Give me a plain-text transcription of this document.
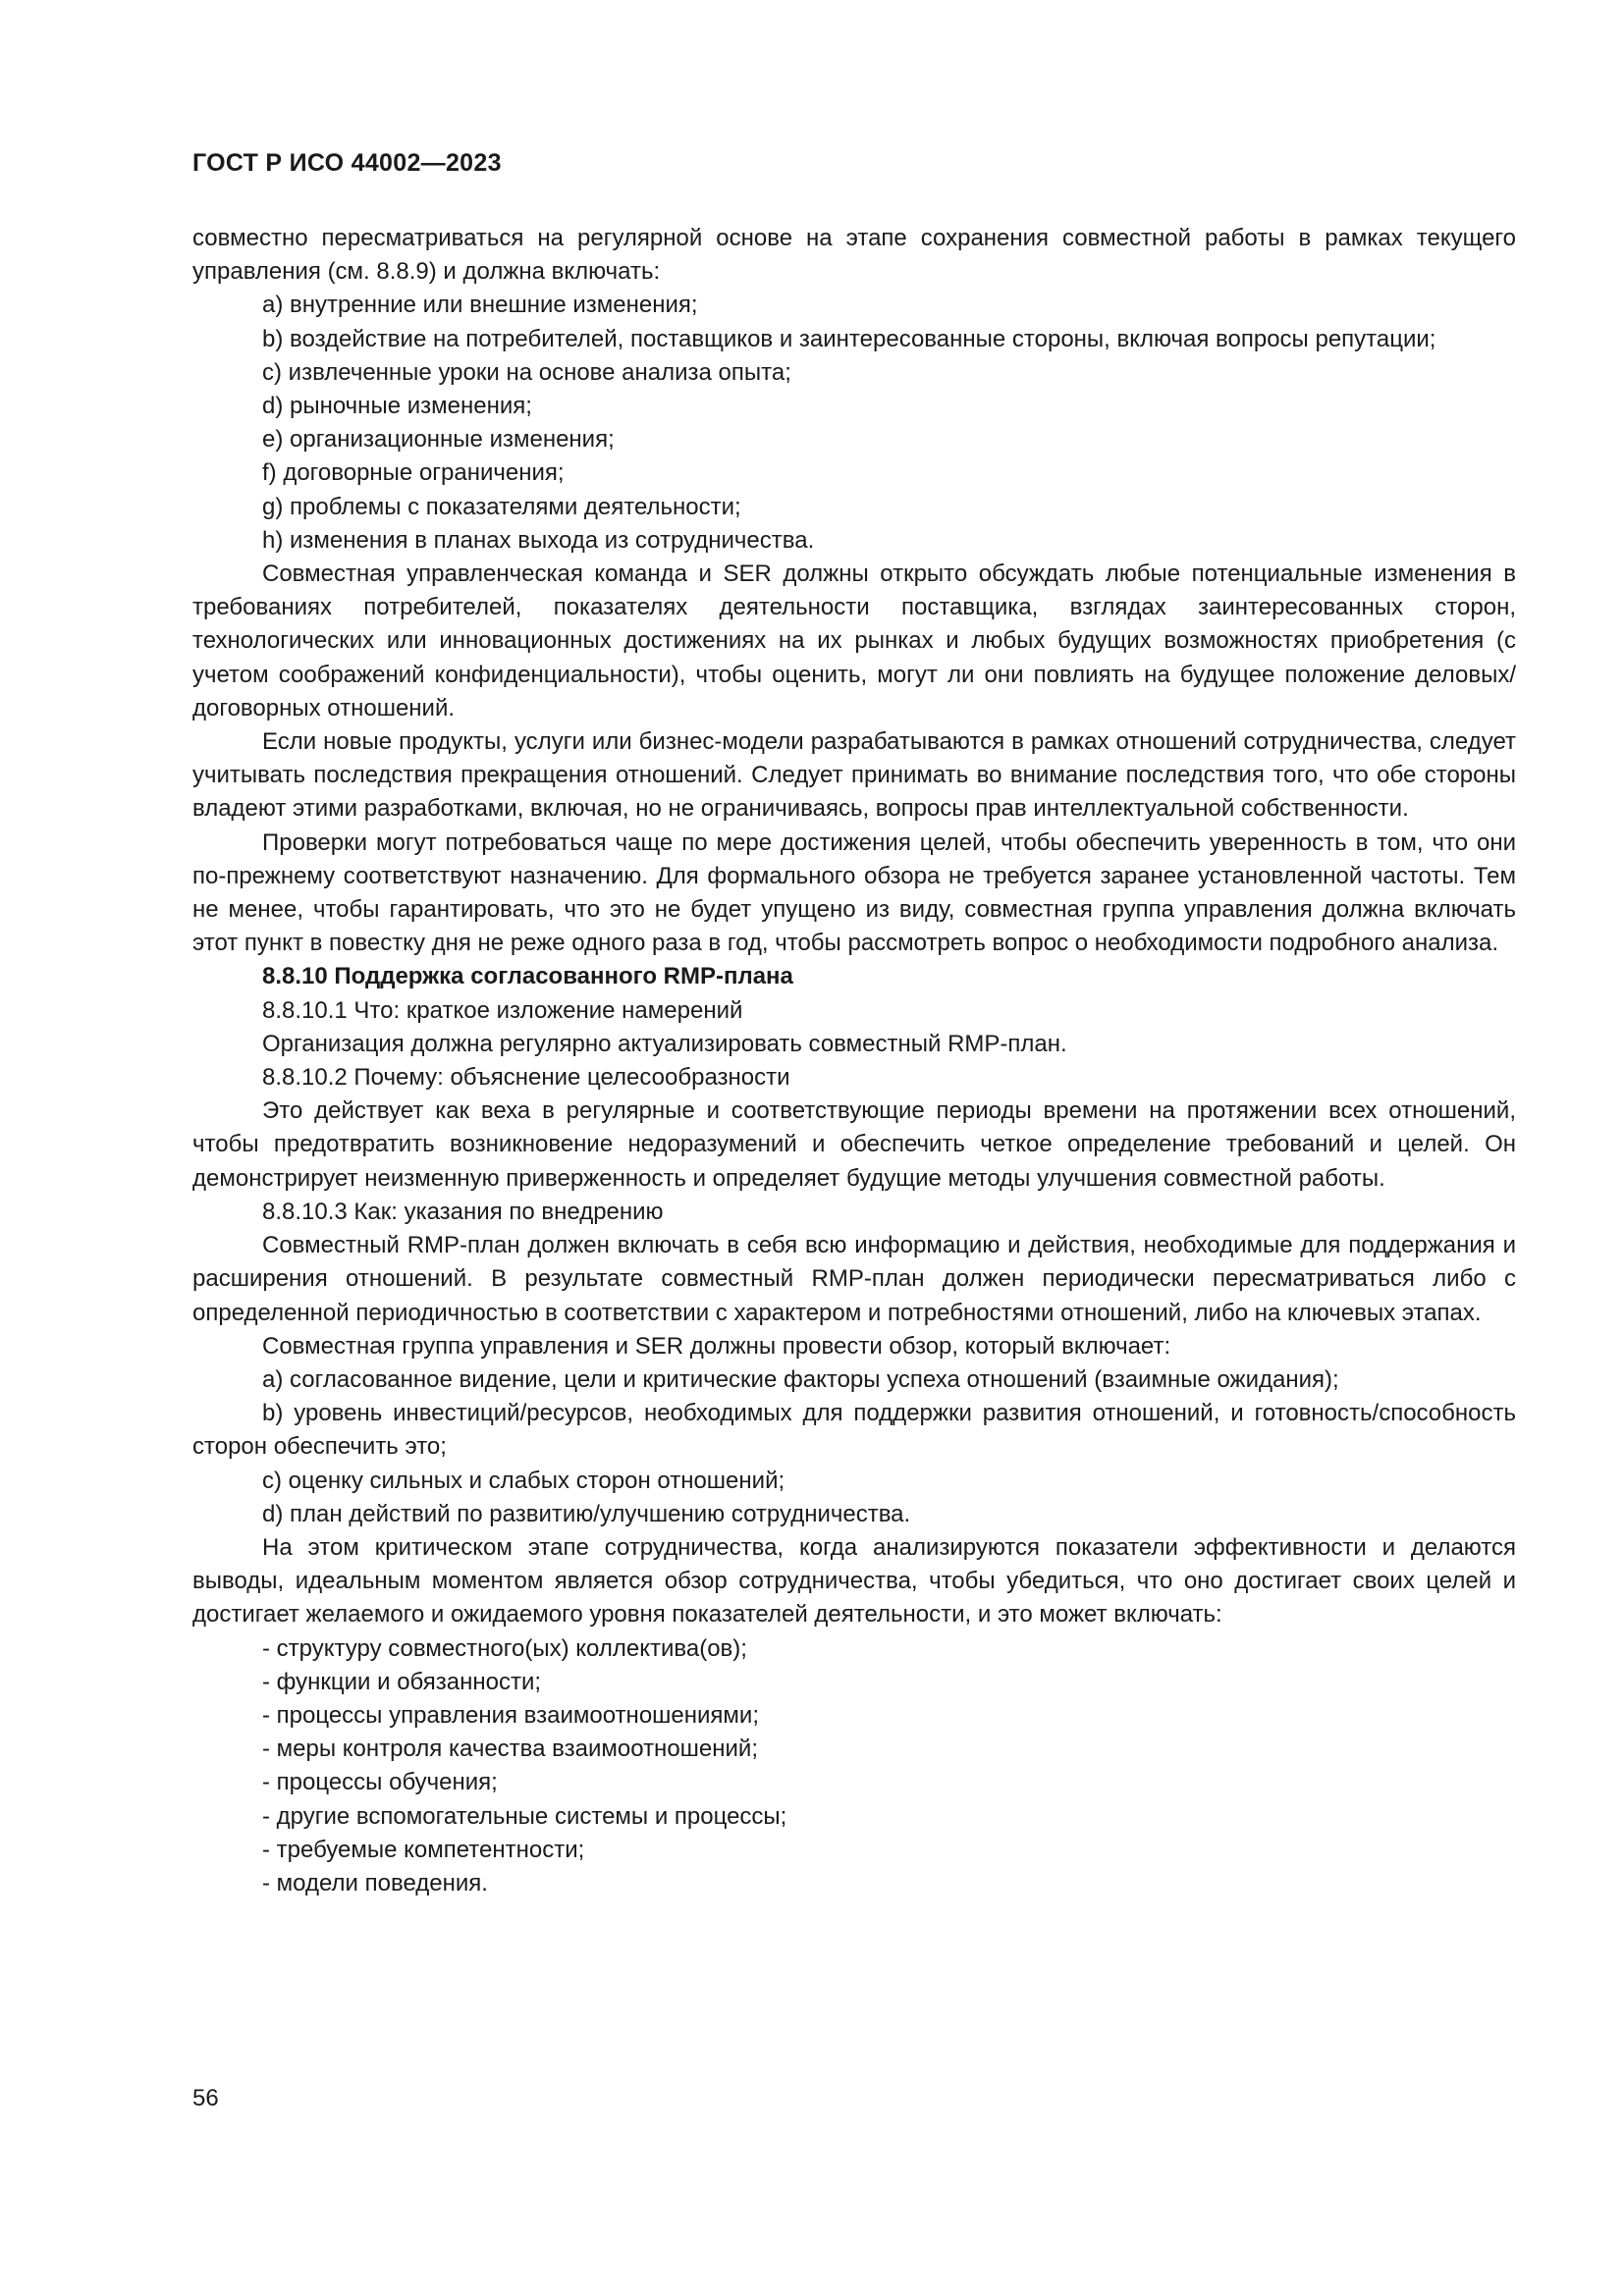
ГОСТ Р ИСО 44002—2023

совместно пересматриваться на регулярной основе на этапе сохранения совместной работы в рамках текущего управления (см. 8.8.9) и должна включать:

a) внутренние или внешние изменения;

b) воздействие на потребителей, поставщиков и заинтересованные стороны, включая вопросы репутации;

c) извлеченные уроки на основе анализа опыта;

d) рыночные изменения;

e) организационные изменения;

f) договорные ограничения;

g) проблемы с показателями деятельности;

h) изменения в планах выхода из сотрудничества.

Совместная управленческая команда и SER должны открыто обсуждать любые потенциальные изменения в требованиях потребителей, показателях деятельности поставщика, взглядах заинтересованных сторон, технологических или инновационных достижениях на их рынках и любых будущих возможностях приобретения (с учетом соображений конфиденциальности), чтобы оценить, могут ли они повлиять на будущее положение деловых/договорных отношений.

Если новые продукты, услуги или бизнес-модели разрабатываются в рамках отношений сотрудничества, следует учитывать последствия прекращения отношений. Следует принимать во внимание последствия того, что обе стороны владеют этими разработками, включая, но не ограничиваясь, вопросы прав интеллектуальной собственности.

Проверки могут потребоваться чаще по мере достижения целей, чтобы обеспечить уверенность в том, что они по-прежнему соответствуют назначению. Для формального обзора не требуется заранее установленной частоты. Тем не менее, чтобы гарантировать, что это не будет упущено из виду, совместная группа управления должна включать этот пункт в повестку дня не реже одного раза в год, чтобы рассмотреть вопрос о необходимости подробного анализа.

8.8.10 Поддержка согласованного RMP-плана

8.8.10.1 Что: краткое изложение намерений

Организация должна регулярно актуализировать совместный RMP-план.

8.8.10.2 Почему: объяснение целесообразности

Это действует как веха в регулярные и соответствующие периоды времени на протяжении всех отношений, чтобы предотвратить возникновение недоразумений и обеспечить четкое определение требований и целей. Он демонстрирует неизменную приверженность и определяет будущие методы улучшения совместной работы.

8.8.10.3 Как: указания по внедрению

Совместный RMP-план должен включать в себя всю информацию и действия, необходимые для поддержания и расширения отношений. В результате совместный RMP-план должен периодически пересматриваться либо с определенной периодичностью в соответствии с характером и потребностями отношений, либо на ключевых этапах.

Совместная группа управления и SER должны провести обзор, который включает:

a) согласованное видение, цели и критические факторы успеха отношений (взаимные ожидания);

b) уровень инвестиций/ресурсов, необходимых для поддержки развития отношений, и готовность/способность сторон обеспечить это;

c) оценку сильных и слабых сторон отношений;

d) план действий по развитию/улучшению сотрудничества.

На этом критическом этапе сотрудничества, когда анализируются показатели эффективности и делаются выводы, идеальным моментом является обзор сотрудничества, чтобы убедиться, что оно достигает своих целей и достигает желаемого и ожидаемого уровня показателей деятельности, и это может включать:

- структуру совместного(ых) коллектива(ов);

- функции и обязанности;

- процессы управления взаимоотношениями;

- меры контроля качества взаимоотношений;

- процессы обучения;

- другие вспомогательные системы и процессы;

- требуемые компетентности;

- модели поведения.

56
